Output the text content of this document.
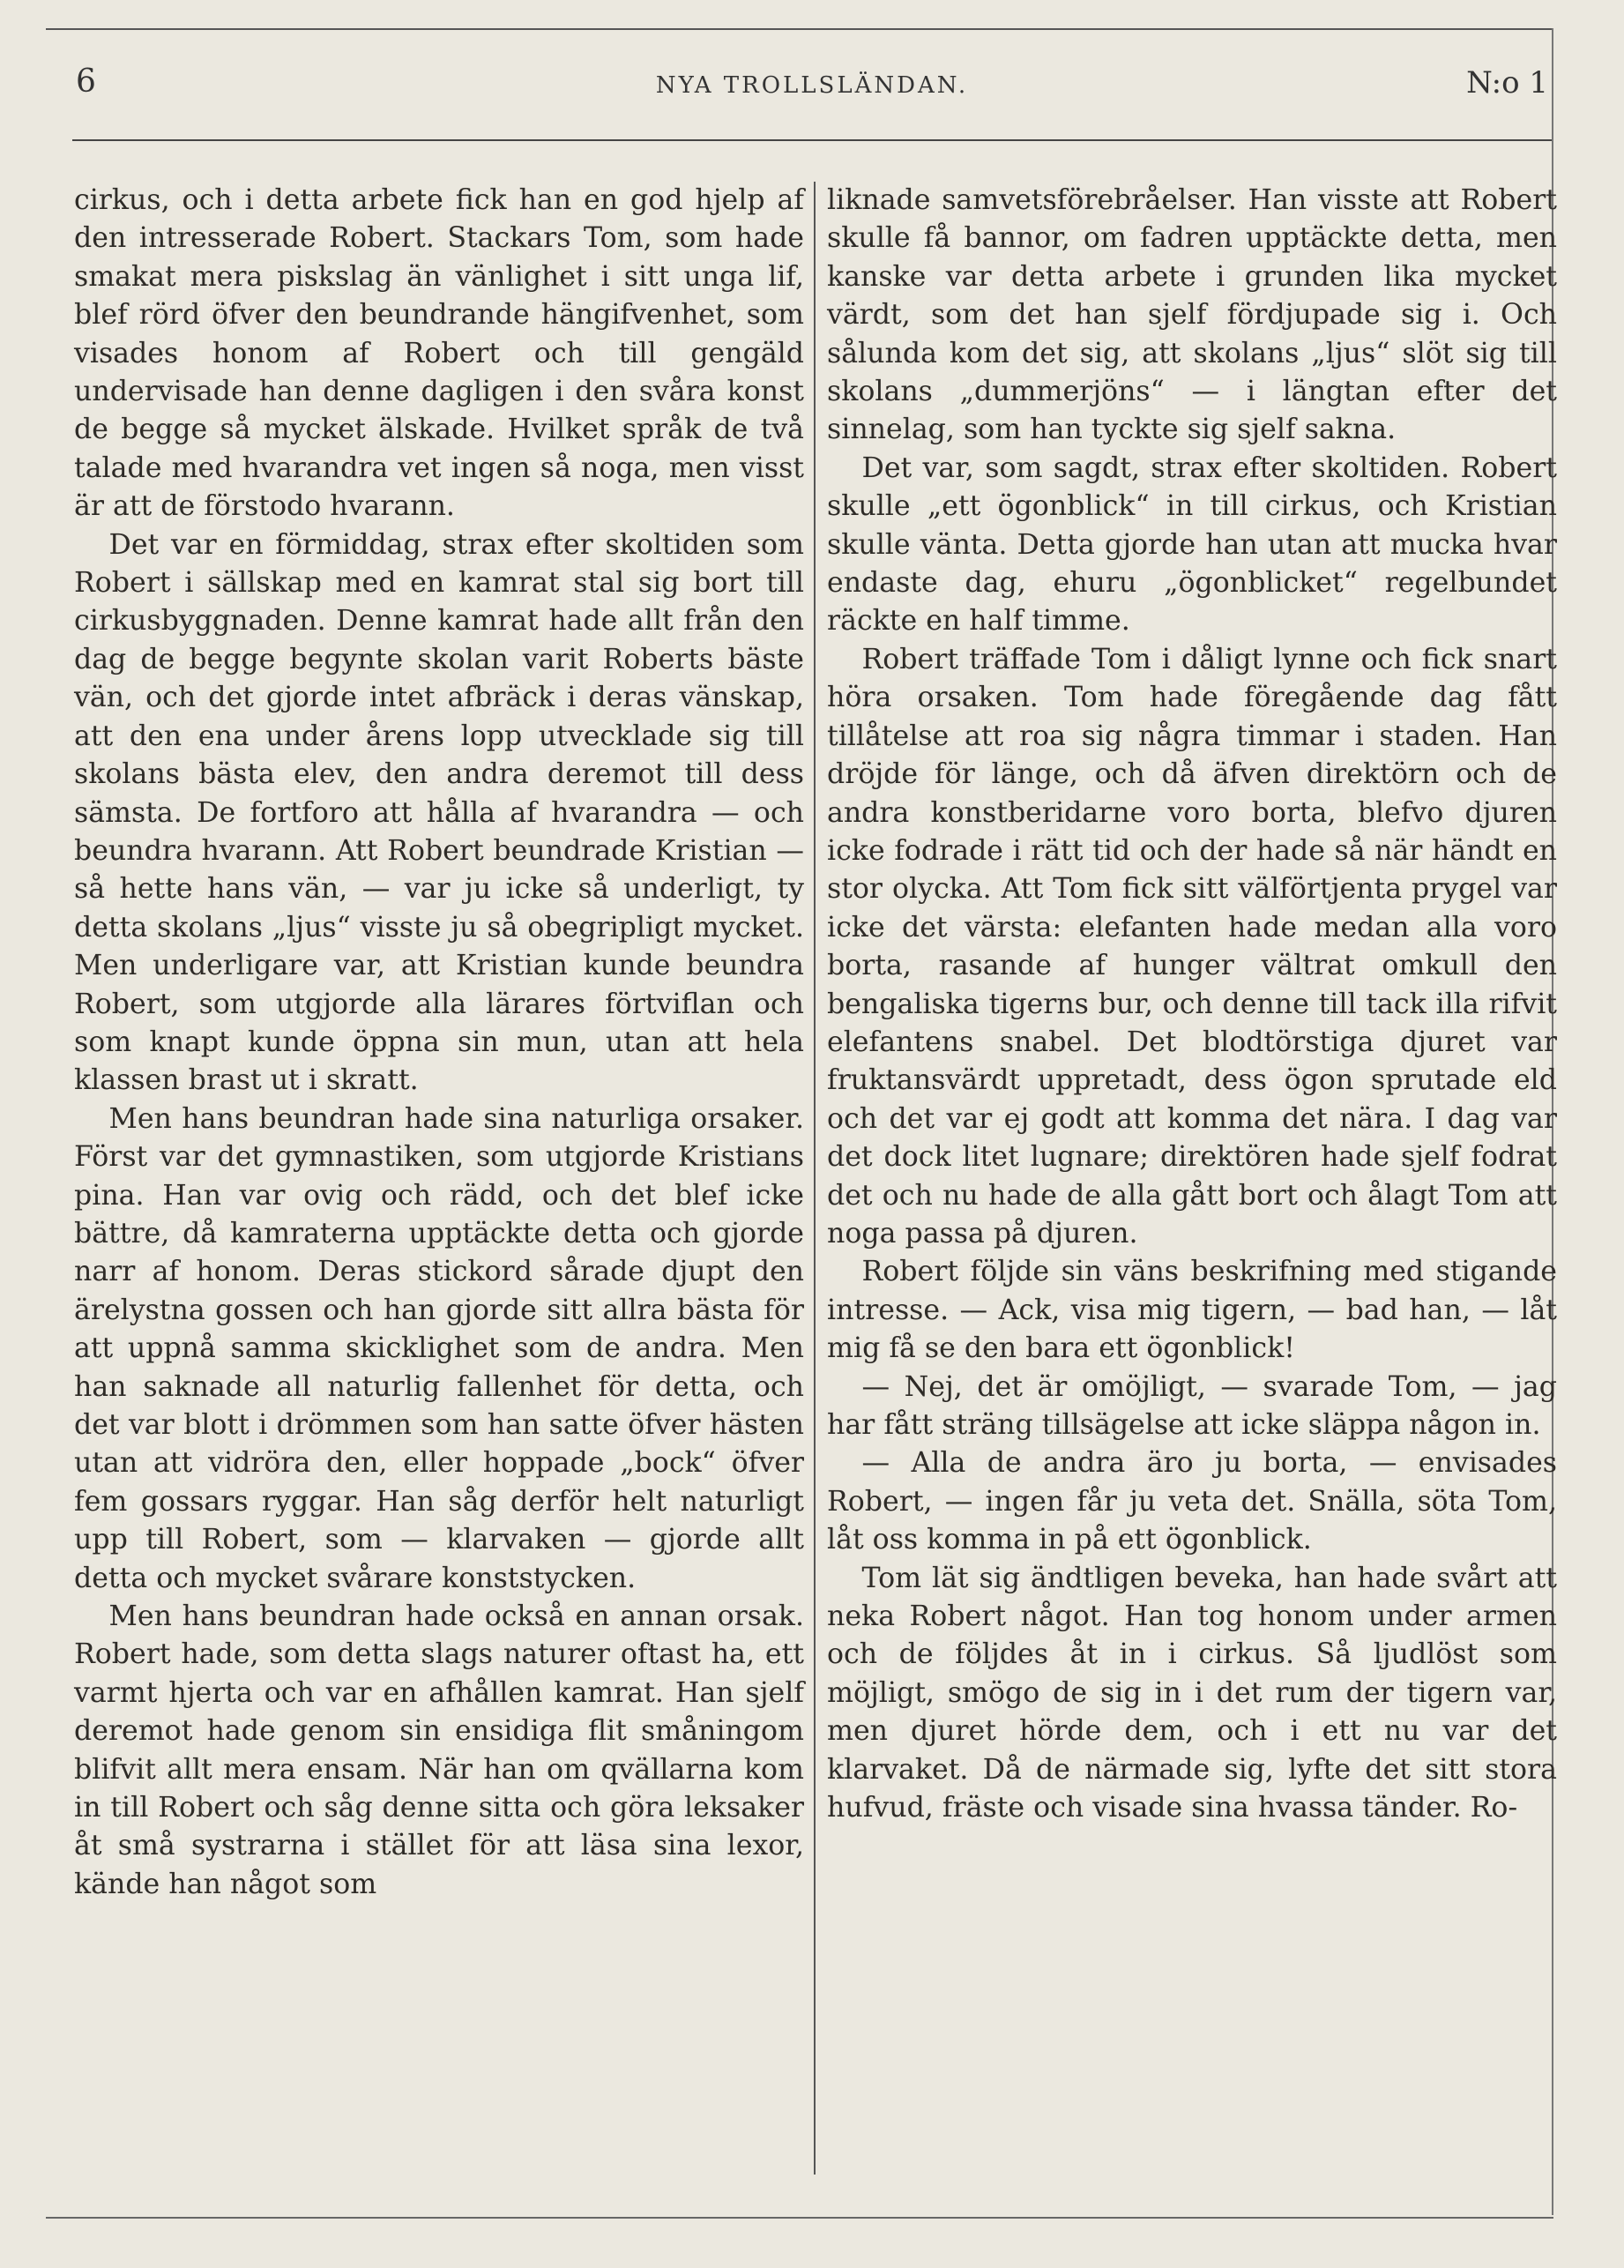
6	NYA TROLLSLÄNDAN.	N:o 1

cirkus, och i detta arbete fick han en god hjelp af den intresserade Robert. Stackars Tom, som hade smakat mera piskslag än vänlighet i sitt unga lif, blef rörd öfver den beundrande hängifvenhet, som visades honom af Robert och till gengäld undervisade han denne dagligen i den svåra konst de begge så mycket älskade. Hvilket språk de två talade med hvarandra vet ingen så noga, men visst är att de förstodo hvarann.

Det var en förmiddag, strax efter skoltiden som Robert i sällskap med en kamrat stal sig bort till cirkusbyggnaden. Denne kamrat hade allt från den dag de begge begynte skolan varit Roberts bäste vän, och det gjorde intet afbräck i deras vänskap, att den ena under årens lopp utvecklade sig till skolans bästa elev, den andra deremot till dess sämsta. De fortforo att hålla af hvarandra — och beundra hvarann. Att Robert beundrade Kristian — så hette hans vän, — var ju icke så underligt, ty detta skolans „ljus“ visste ju så obegripligt mycket. Men underligare var, att Kristian kunde beundra Robert, som utgjorde alla lärares förtviflan och som knapt kunde öppna sin mun, utan att hela klassen brast ut i skratt.

Men hans beundran hade sina naturliga orsaker. Först var det gymnastiken, som utgjorde Kristians pina. Han var ovig och rädd, och det blef icke bättre, då kamraterna upptäckte detta och gjorde narr af honom. Deras stickord sårade djupt den ärelystna gossen och han gjorde sitt allra bästa för att uppnå samma skicklighet som de andra. Men han saknade all naturlig fallenhet för detta, och det var blott i drömmen som han satte öfver hästen utan att vidröra den, eller hoppade „bock“ öfver fem gossars ryggar. Han såg derför helt naturligt upp till Robert, som — klarvaken — gjorde allt detta och mycket svårare konststycken.

Men hans beundran hade också en annan orsak. Robert hade, som detta slags naturer oftast ha, ett varmt hjerta och var en afhållen kamrat. Han sjelf deremot hade genom sin ensidiga flit småningom blifvit allt mera ensam. När han om qvällarna kom in till Robert och såg denne sitta och göra leksaker åt små systrarna i stället för att läsa sina lexor, kände han något som

liknade samvetsförebråelser. Han visste att Robert skulle få bannor, om fadren upptäckte detta, men kanske var detta arbete i grunden lika mycket värdt, som det han sjelf fördjupade sig i. Och sålunda kom det sig, att skolans „ljus“ slöt sig till skolans „dummerjöns“ — i längtan efter det sinnelag, som han tyckte sig sjelf sakna.

Det var, som sagdt, strax efter skoltiden. Robert skulle „ett ögonblick“ in till cirkus, och Kristian skulle vänta. Detta gjorde han utan att mucka hvar endaste dag, ehuru „ögonblicket“ regelbundet räckte en half timme.

Robert träffade Tom i dåligt lynne och fick snart höra orsaken. Tom hade föregående dag fått tillåtelse att roa sig några timmar i staden. Han dröjde för länge, och då äfven direktörn och de andra konstberidarne voro borta, blefvo djuren icke fodrade i rätt tid och der hade så när händt en stor olycka. Att Tom fick sitt välförtjenta prygel var icke det värsta: elefanten hade medan alla voro borta, rasande af hunger vältrat omkull den bengaliska tigerns bur, och denne till tack illa rifvit elefantens snabel. Det blodtörstiga djuret var fruktansvärdt uppretadt, dess ögon sprutade eld och det var ej godt att komma det nära. I dag var det dock litet lugnare; direktören hade sjelf fodrat det och nu hade de alla gått bort och ålagt Tom att noga passa på djuren.

Robert följde sin väns beskrifning med stigande intresse. — Ack, visa mig tigern, — bad han, — låt mig få se den bara ett ögonblick!

— Nej, det är omöjligt, — svarade Tom, — jag har fått sträng tillsägelse att icke släppa någon in.

— Alla de andra äro ju borta, — envisades Robert, — ingen får ju veta det. Snälla, söta Tom, låt oss komma in på ett ögonblick.

Tom lät sig ändtligen beveka, han hade svårt att neka Robert något. Han tog honom under armen och de följdes åt in i cirkus. Så ljudlöst som möjligt, smögo de sig in i det rum der tigern var, men djuret hörde dem, och i ett nu var det klarvaket. Då de närmade sig, lyfte det sitt stora hufvud, fräste och visade sina hvassa tänder. Ro-
